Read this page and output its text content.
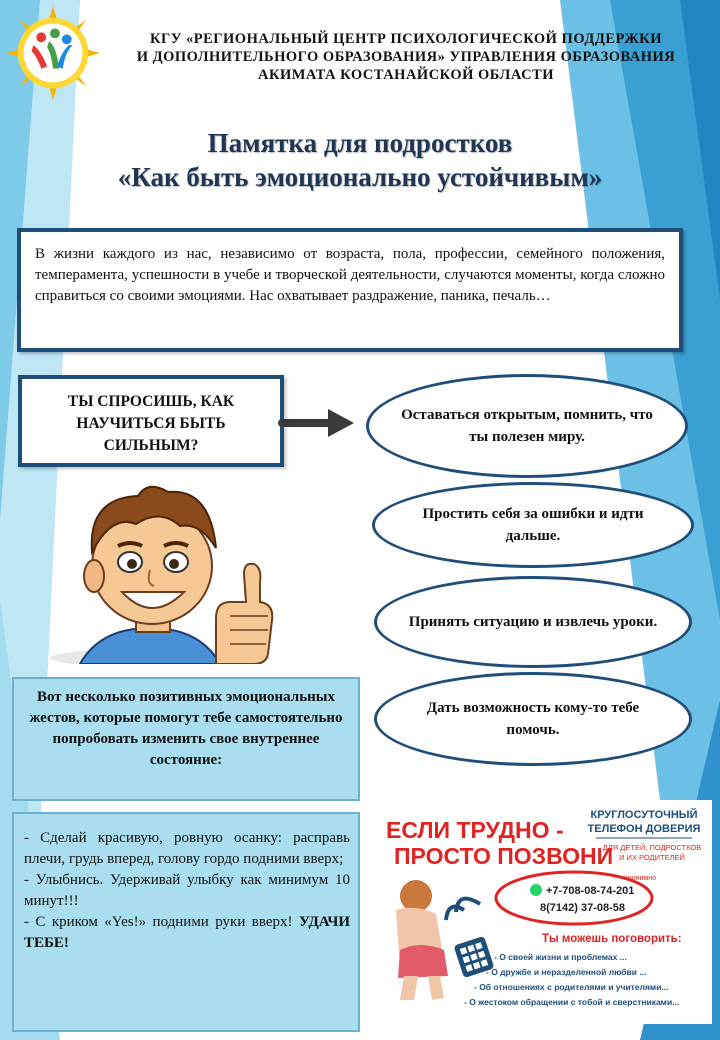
КГУ «РЕГИОНАЛЬНЫЙ ЦЕНТР ПСИХОЛОГИЧЕСКОЙ ПОДДЕРЖКИ
И ДОПОЛНИТЕЛЬНОГО ОБРАЗОВАНИЯ» УПРАВЛЕНИЯ ОБРАЗОВАНИЯ
АКИМАТА КОСТАНАЙСКОЙ ОБЛАСТИ
Памятка для подростков
«Как быть эмоционально устойчивым»
В жизни каждого из нас, независимо от возраста, пола, профессии, семейного положения, темперамента, успешности в учебе и творческой деятельности, случаются моменты, когда сложно справиться со своими эмоциями. Нас охватывает раздражение, паника, печаль…
ТЫ СПРОСИШЬ, КАК НАУЧИТЬСЯ БЫТЬ СИЛЬНЫМ?
Оставаться открытым, помнить, что ты полезен миру.
Простить себя за ошибки и идти дальше.
Принять ситуацию и извлечь уроки.
Дать возможность кому-то тебе помочь.
Вот несколько позитивных эмоциональных жестов, которые помогут тебе самостоятельно попробовать изменить свое внутреннее состояние:

- Сделай красивую, ровную осанку: расправь плечи, грудь вперед, голову гордо подними вверх;

- Улыбнись. Удерживай улыбку как минимум 10 минут!!!

- С криком «Yes!» подними руки вверх! УДАЧИ ТЕБЕ!

ЕСЛИ ТРУДНО -
ПРОСТО ПОЗВОНИ
КРУГЛОСУТОЧНЫЙ
ТЕЛЕФОН ДОВЕРИЯ
ДЛЯ ДЕТЕЙ, ПОДРОСТКОВ
И ИХ РОДИТЕЛЕЙ
анонимно
+7-708-08-74-201
8(7142) 37-08-58
Ты можешь поговорить:
- О своей жизни и проблемах ...
- О дружбе и неразделенной любви ...
- Об отношениях с родителями и учителями...
- О жестоком обращении с тобой и сверстниками...
